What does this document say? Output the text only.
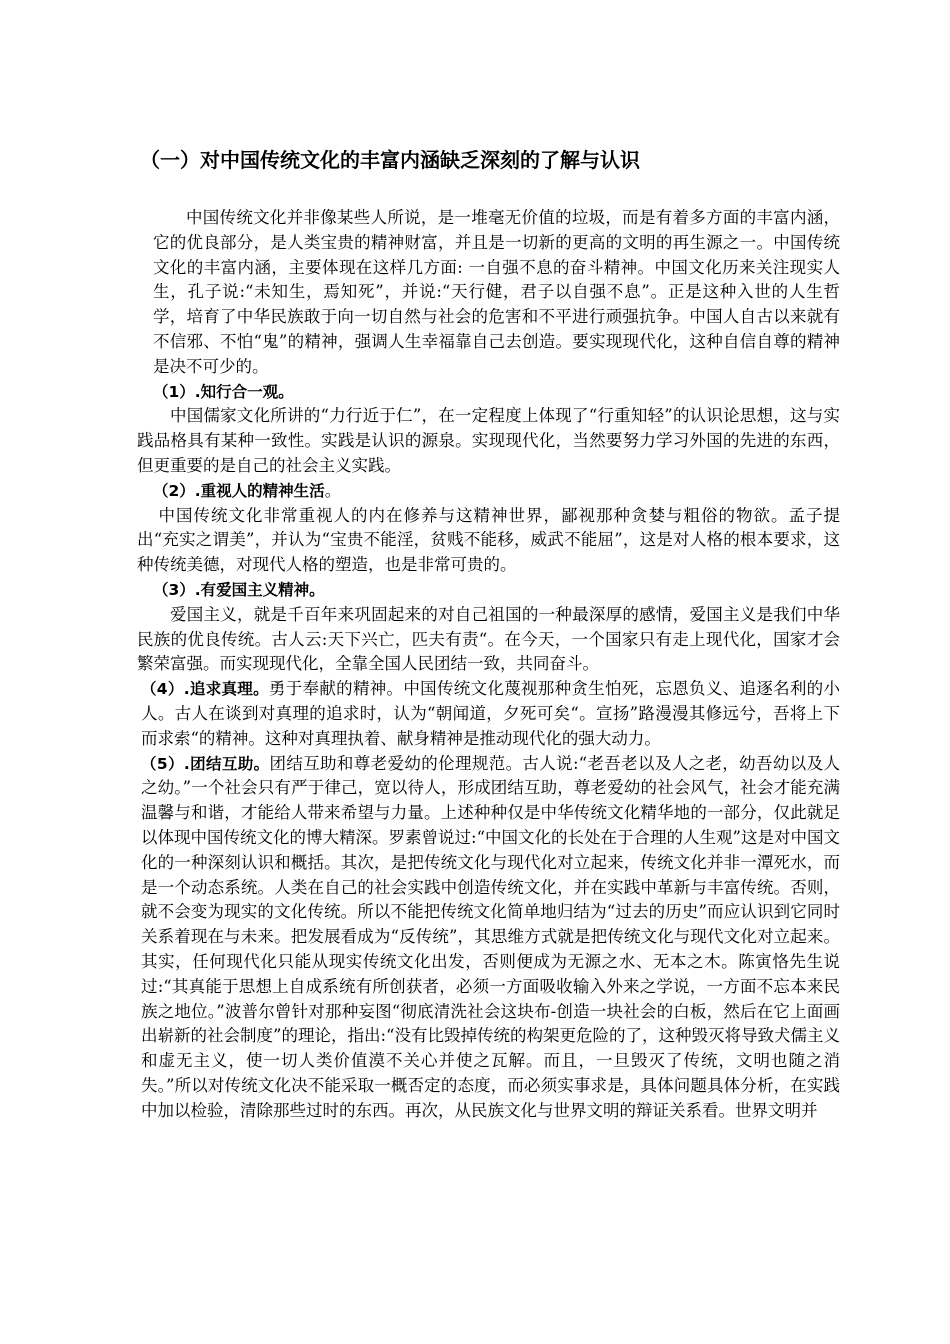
（一）对中国传统文化的丰富内涵缺乏深刻的了解与认识

中国传统文化并非像某些人所说，是一堆毫无价值的垃圾，而是有着多方面的丰富内涵，它的优良部分，是人类宝贵的精神财富，并且是一切新的更高的文明的再生源之一。中国传统文化的丰富内涵，主要体现在这样几方面: 一自强不息的奋斗精神。中国文化历来关注现实人生，孔子说:“未知生，焉知死”，并说:“天行健，君子以自强不息”。正是这种入世的人生哲学，培育了中华民族敢于向一切自然与社会的危害和不平进行顽强抗争。中国人自古以来就有不信邪、不怕“鬼”的精神，强调人生幸福靠自己去创造。要实现现代化，这种自信自尊的精神是决不可少的。

（1）.知行合一观。

中国儒家文化所讲的“力行近于仁”，在一定程度上体现了“行重知轻”的认识论思想，这与实践品格具有某种一致性。实践是认识的源泉。实现现代化，当然要努力学习外国的先进的东西，但更重要的是自己的社会主义实践。

（2）.重视人的精神生活。

中国传统文化非常重视人的内在修养与这精神世界，鄙视那种贪婪与粗俗的物欲。孟子提出“充实之谓美”，并认为“宝贵不能淫，贫贱不能移，威武不能屈”，这是对人格的根本要求，这种传统美德，对现代人格的塑造，也是非常可贵的。

（3）.有爱国主义精神。

爱国主义，就是千百年来巩固起来的对自己祖国的一种最深厚的感情，爱国主义是我们中华民族的优良传统。古人云:天下兴亡，匹夫有责“。在今天，一个国家只有走上现代化，国家才会繁荣富强。而实现现代化，全靠全国人民团结一致，共同奋斗。

（4）.追求真理。勇于奉献的精神。中国传统文化蔑视那种贪生怕死，忘恩负义、追逐名利的小人。古人在谈到对真理的追求时，认为“朝闻道，夕死可矣“。宣扬”路漫漫其修远兮，吾将上下而求索“的精神。这种对真理执着、献身精神是推动现代化的强大动力。

（5）.团结互助。团结互助和尊老爱幼的伦理规范。古人说:“老吾老以及人之老，幼吾幼以及人之幼。”一个社会只有严于律己，宽以待人，形成团结互助，尊老爱幼的社会风气，社会才能充满温馨与和谐，才能给人带来希望与力量。上述种种仅是中华传统文化精华地的一部分，仅此就足以体现中国传统文化的博大精深。罗素曾说过:“中国文化的长处在于合理的人生观”这是对中国文化的一种深刻认识和概括。其次，是把传统文化与现代化对立起来，传统文化并非一潭死水，而是一个动态系统。人类在自己的社会实践中创造传统文化，并在实践中革新与丰富传统。否则，就不会变为现实的文化传统。所以不能把传统文化简单地归结为“过去的历史”而应认识到它同时关系着现在与未来。把发展看成为“反传统”，其思维方式就是把传统文化与现代文化对立起来。其实，任何现代化只能从现实传统文化出发，否则便成为无源之水、无本之木。陈寅恪先生说过:“其真能于思想上自成系统有所创获者，必须一方面吸收输入外来之学说，一方面不忘本来民族之地位。”波普尔曾针对那种妄图“彻底清洗社会这块布-创造一块社会的白板，然后在它上面画出崭新的社会制度”的理论，指出:“没有比毁掉传统的构架更危险的了，这种毁灭将导致犬儒主义和虚无主义，使一切人类价值漠不关心并使之瓦解。而且，一旦毁灭了传统，文明也随之消失。”所以对传统文化决不能采取一概否定的态度，而必须实事求是，具体问题具体分析，在实践中加以检验，清除那些过时的东西。再次，从民族文化与世界文明的辩证关系看。世界文明并
